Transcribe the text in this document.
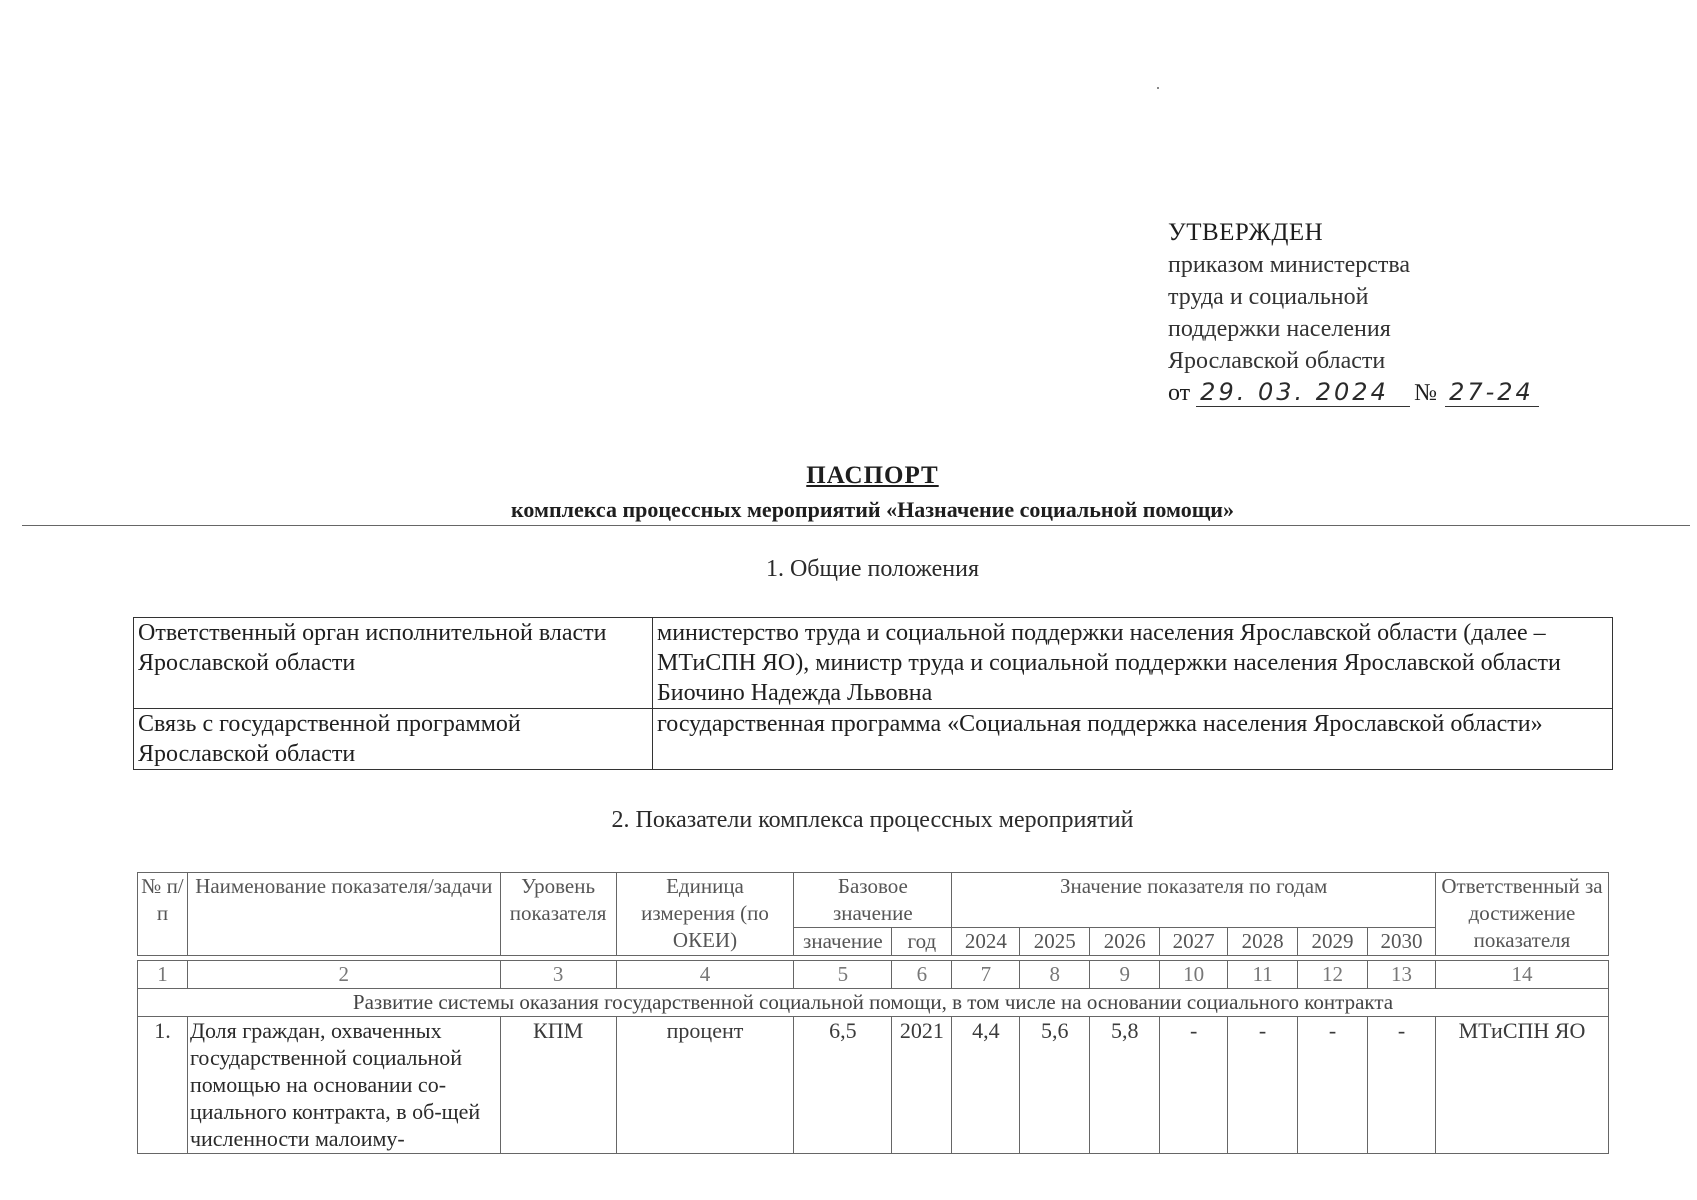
УТВЕРЖДЕН
приказом министерства
труда и социальной
поддержки населения
Ярославской области
от 29. 03. 2024	№ 27-24
ПАСПОРТ
комплекса процессных мероприятий «Назначение социальной помощи»
1. Общие положения
Ответственный орган исполнительной власти Ярославской области	министерство труда и социальной поддержки населения Ярославской области (далее – МТиСПН ЯО), министр труда и социальной поддержки населения Ярославской области Биочино Надежда Львовна
Связь с государственной программой Ярославской области	государственная программа «Социальная поддержка населения Ярославской области»
2. Показатели комплекса процессных мероприятий
№ п/п	Наименование показателя/задачи	Уровень показателя	Единица измерения (по ОКЕИ)	Базовое значение		Значение показателя по годам							Ответственный за достижение показателя
				значение	год	2024	2025	2026	2027	2028	2029	2030	

1	2	3	4	5	6	7	8	9	10	11	12	13	14
Развитие системы оказания государственной социальной помощи, в том числе на основании социального контракта													
1.	Доля граждан, охваченных государственной социальной помощью на основании со-циального контракта, в об-щей численности малоиму-	КПМ	процент	6,5	2021	4,4	5,6	5,8	-	-	-	-	МТиСПН ЯО
